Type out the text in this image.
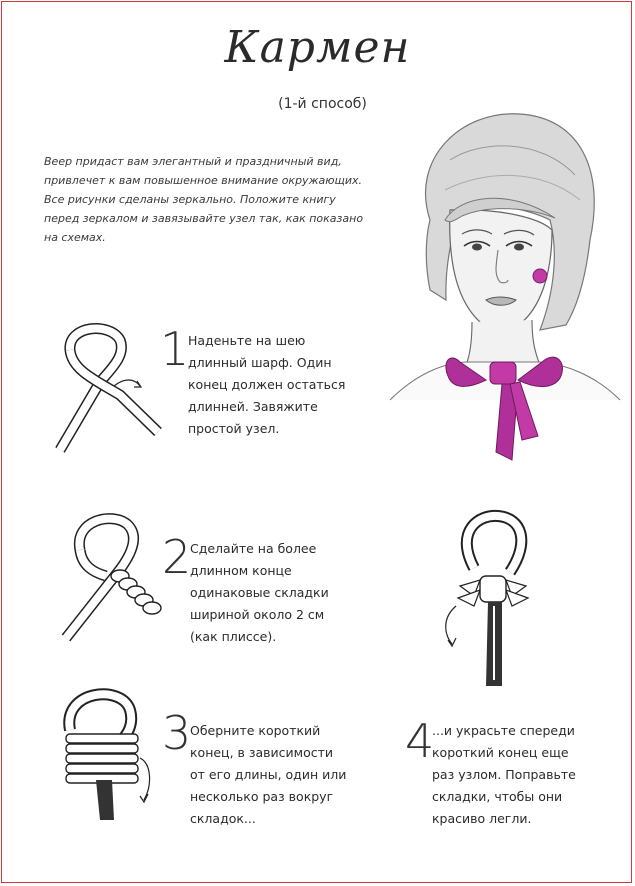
Кармен
(1-й способ)

Веер придаст вам элегантный и праздничный вид, привлечет к вам повышенное внимание окружающих.

Все рисунки сделаны зеркально. Положите книгу перед зеркалом и завязывайте узел так, как показано на схемах.

1

Наденьте на шею длинный шарф. Один конец должен остаться длинней. Завяжите простой узел.

2

Сделайте на более длинном конце одинаковые складки шириной около 2 см (как плиссе).

3

Оберните короткий конец, в зависимости от его длины, один или несколько раз вокруг складок...

4

...и украсьте спереди короткий конец еще раз узлом. Поправьте складки, чтобы они красиво легли.
